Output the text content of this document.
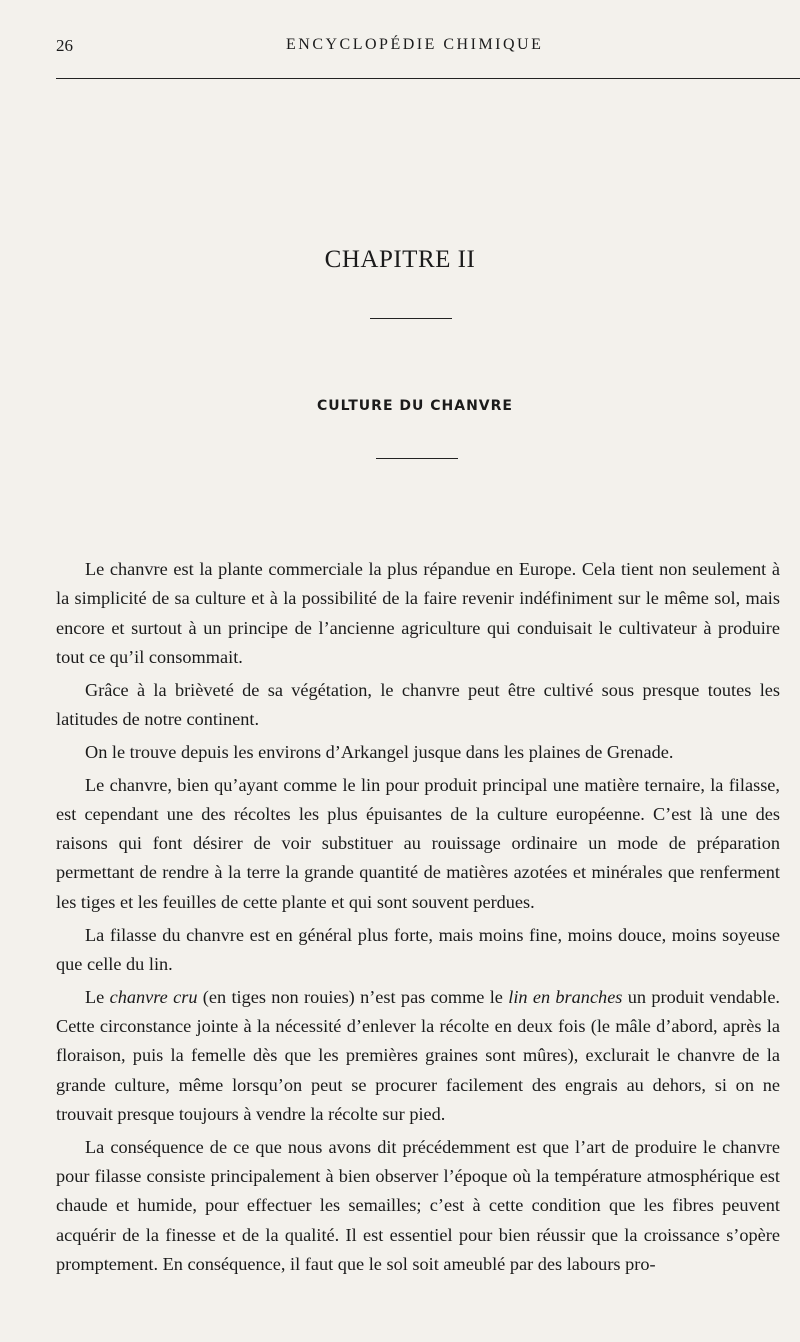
26	ENCYCLOPÉDIE CHIMIQUE
CHAPITRE II
CULTURE DU CHANVRE

Le chanvre est la plante commerciale la plus répandue en Europe. Cela tient non seulement à la simplicité de sa culture et à la possibilité de la faire revenir indéfiniment sur le même sol, mais encore et surtout à un principe de l’ancienne agriculture qui conduisait le cultivateur à produire tout ce qu’il consommait.

Grâce à la brièveté de sa végétation, le chanvre peut être cultivé sous presque toutes les latitudes de notre continent.

On le trouve depuis les environs d’Arkangel jusque dans les plaines de Grenade.

Le chanvre, bien qu’ayant comme le lin pour produit principal une matière ternaire, la filasse, est cependant une des récoltes les plus épuisantes de la culture européenne. C’est là une des raisons qui font désirer de voir substituer au rouissage ordinaire un mode de préparation permettant de rendre à la terre la grande quantité de matières azotées et minérales que renferment les tiges et les feuilles de cette plante et qui sont souvent perdues.

La filasse du chanvre est en général plus forte, mais moins fine, moins douce, moins soyeuse que celle du lin.

Le chanvre cru (en tiges non rouies) n’est pas comme le lin en branches un produit vendable. Cette circonstance jointe à la nécessité d’enlever la récolte en deux fois (le mâle d’abord, après la floraison, puis la femelle dès que les premières graines sont mûres), exclurait le chanvre de la grande culture, même lorsqu’on peut se procurer facilement des engrais au dehors, si on ne trouvait presque toujours à vendre la récolte sur pied.

La conséquence de ce que nous avons dit précédemment est que l’art de produire le chanvre pour filasse consiste principalement à bien observer l’époque où la température atmosphérique est chaude et humide, pour effectuer les semailles; c’est à cette condition que les fibres peuvent acquérir de la finesse et de la qualité. Il est essentiel pour bien réussir que la croissance s’opère promptement. En conséquence, il faut que le sol soit ameublé par des labours pro-
